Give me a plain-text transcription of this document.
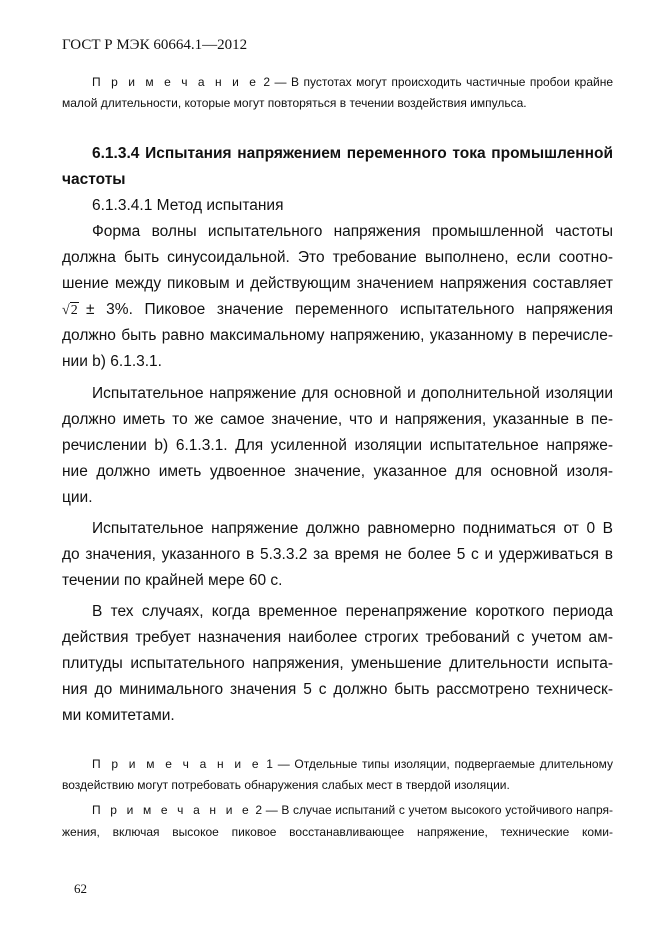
ГОСТ Р МЭК 60664.1—2012
П р и м е ч а н и е 2 — В пустотах могут происходить частичные пробои крайне
малой длительности, которые могут повторяться в течении воздействия импульса.
6.1.3.4 Испытания напряжением переменного тока промышленной
частоты
6.1.3.4.1 Метод испытания
Форма волны испытательного напряжения промышленной частоты
должна быть синусоидальной. Это требование выполнено, если соотно-
шение между пиковым и действующим значением напряжения составляет
√2 ± 3%. Пиковое значение переменного испытательного напряжения
должно быть равно максимальному напряжению, указанному в перечисле-
нии b) 6.1.3.1.
Испытательное напряжение для основной и дополнительной изоляции
должно иметь то же самое значение, что и напряжения, указанные в пе-
речислении b) 6.1.3.1. Для усиленной изоляции испытательное напряже-
ние должно иметь удвоенное значение, указанное для основной изоля-
ции.
Испытательное напряжение должно равномерно подниматься от 0 В
до значения, указанного в 5.3.3.2 за время не более 5 с и удерживаться в
течении по крайней мере 60 с.
В тех случаях, когда временное перенапряжение короткого периода
действия требует назначения наиболее строгих требований с учетом ам-
плитуды испытательного напряжения, уменьшение длительности испыта-
ния до минимального значения 5 с должно быть рассмотрено техническ-
ми комитетами.
П р и м е ч а н и е 1 — Отдельные типы изоляции, подвергаемые длительному
воздействию могут потребовать обнаружения слабых мест в твердой изоляции.
П р и м е ч а н и е 2 — В случае испытаний с учетом высокого устойчивого напря-
жения, включая высокое пиковое восстанавливающее напряжение, технические коми-
62
